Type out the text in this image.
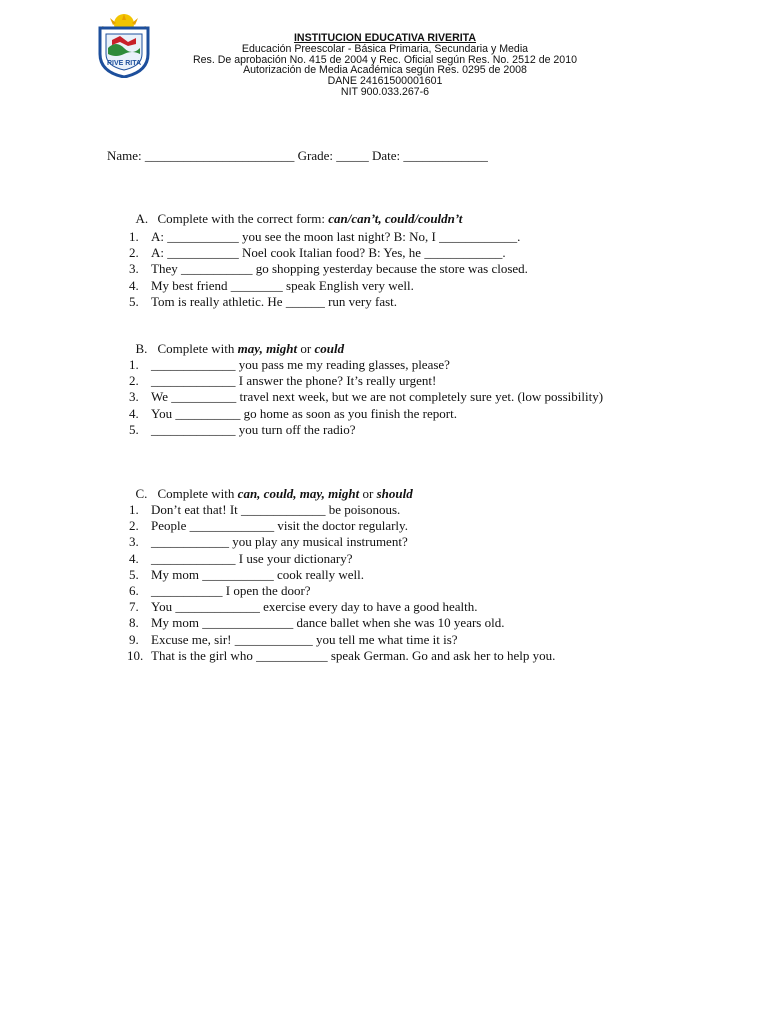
RIVE RITA
INSTITUCION EDUCATIVA RIVERITA
Educación Preescolar - Básica Primaria, Secundaria y Media
Res. De aprobación No. 415 de 2004 y Rec. Oficial según Res. No. 2512 de 2010
Autorización de Media Académica según Res. 0295 de 2008
DANE 24161500001601
NIT 900.033.267-6
Name: _______________________ Grade: _____ Date: _____________

A. Complete with the correct form: can/can’t, could/couldn’t

1. A: ___________ you see the moon last night? B: No, I ____________.
2. A: ___________ Noel cook Italian food? B: Yes, he ____________.
3. They ___________ go shopping yesterday because the store was closed.
4. My best friend ________ speak English very well.
5. Tom is really athletic. He ______ run very fast.

B. Complete with may, might or could

1. _____________ you pass me my reading glasses, please?
2. _____________ I answer the phone? It’s really urgent!
3. We __________ travel next week, but we are not completely sure yet. (low possibility)
4. You __________ go home as soon as you finish the report.
5. _____________ you turn off the radio?

C. Complete with can, could, may, might or should

1. Don’t eat that! It _____________ be poisonous.
2. People _____________ visit the doctor regularly.
3. ____________ you play any musical instrument?
4. _____________ I use your dictionary?
5. My mom ___________ cook really well.
6. ___________ I open the door?
7. You _____________ exercise every day to have a good health.
8. My mom ______________ dance ballet when she was 10 years old.
9. Excuse me, sir! ____________ you tell me what time it is?
10. That is the girl who ___________ speak German. Go and ask her to help you.
